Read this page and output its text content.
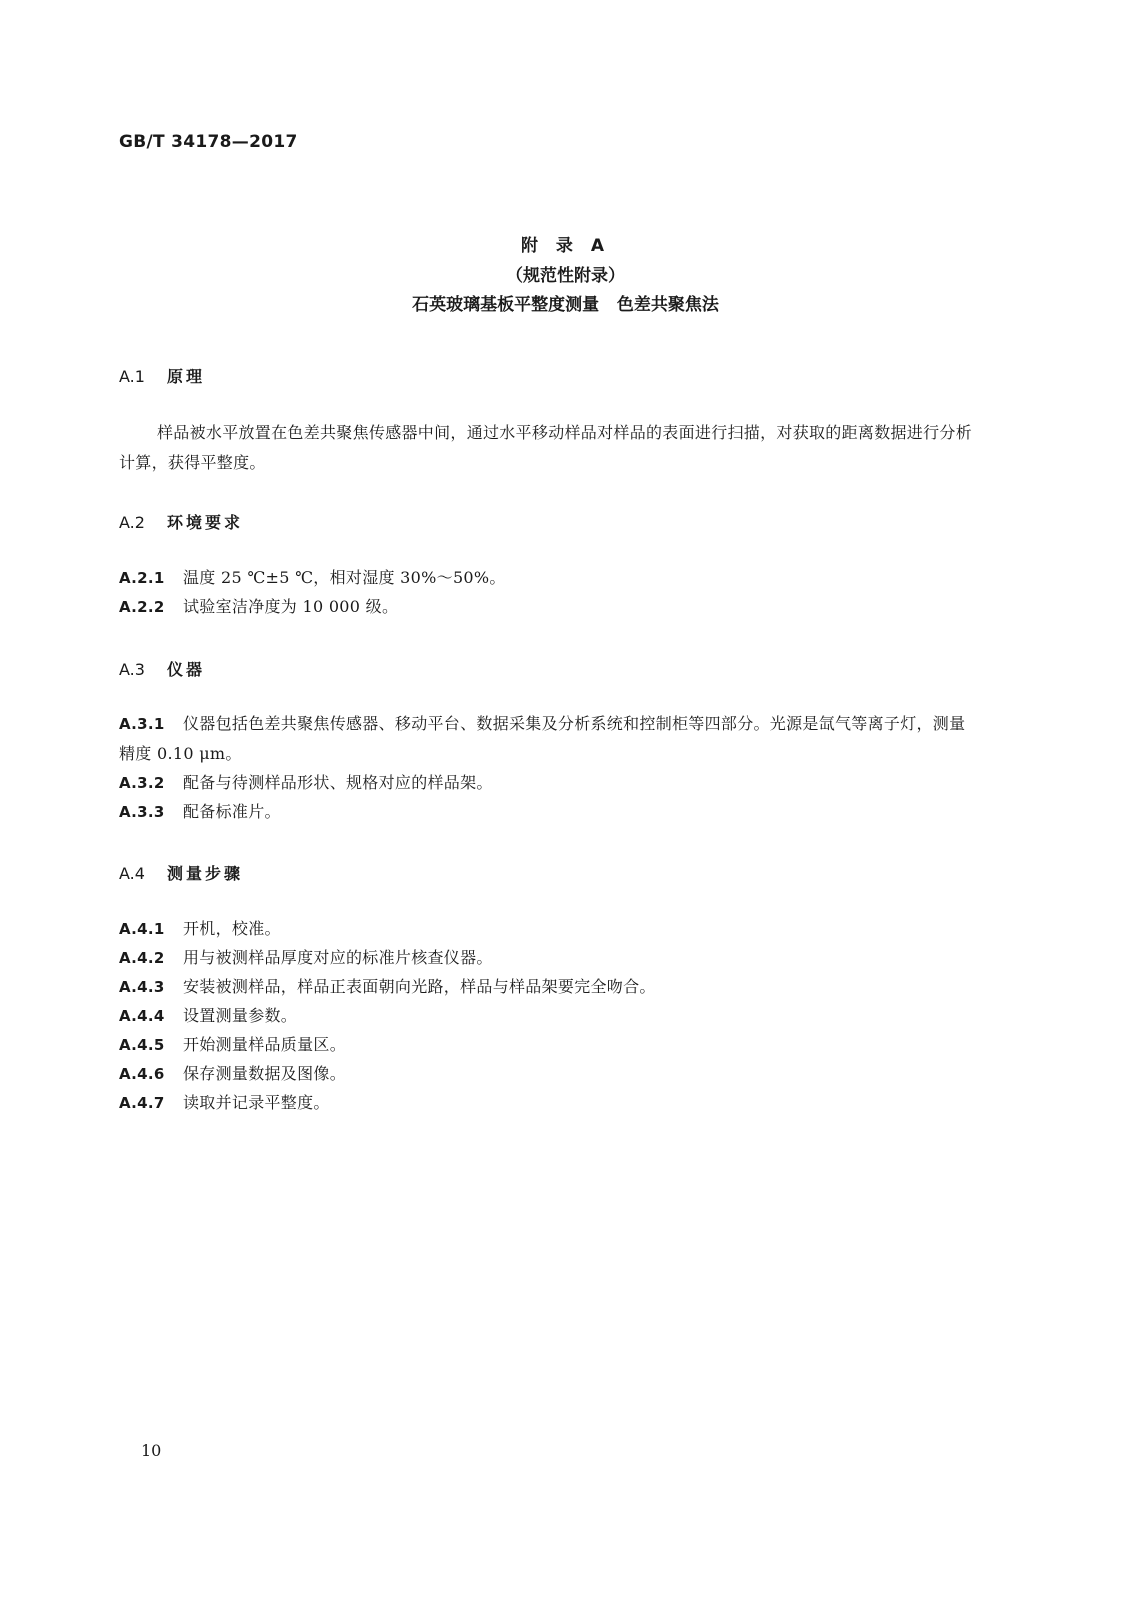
GB/T 34178—2017
附 录 A
（规范性附录）
石英玻璃基板平整度测量   色差共聚焦法
A.1 原理
样品被水平放置在色差共聚焦传感器中间，通过水平移动样品对样品的表面进行扫描，对获取的距离数据进行分析计算，获得平整度。
A.2 环境要求
A.2.1 温度 25 ℃±5 ℃，相对湿度 30%～50%。
A.2.2 试验室洁净度为 10 000 级。
A.3 仪器
A.3.1 仪器包括色差共聚焦传感器、移动平台、数据采集及分析系统和控制柜等四部分。光源是氙气等离子灯，测量精度 0.10 μm。
A.3.2 配备与待测样品形状、规格对应的样品架。
A.3.3 配备标准片。
A.4 测量步骤
A.4.1 开机，校准。
A.4.2 用与被测样品厚度对应的标准片核查仪器。
A.4.3 安装被测样品，样品正表面朝向光路，样品与样品架要完全吻合。
A.4.4 设置测量参数。
A.4.5 开始测量样品质量区。
A.4.6 保存测量数据及图像。
A.4.7 读取并记录平整度。
10
